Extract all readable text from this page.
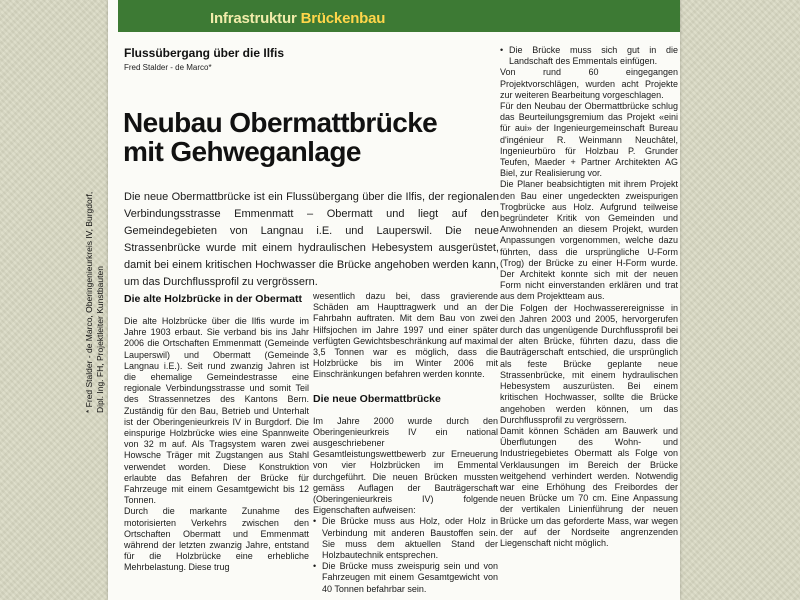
Infrastruktur Brückenbau
Flussübergang über die Ilfis
Fred Stalder - de Marco*
Neubau Obermattbrücke
mit Gehweganlage
Die neue Obermattbrücke ist ein Flussübergang über die Ilfis, der regionalen Verbindungsstrasse Emmenmatt – Obermatt und liegt auf den Gemeindegebieten von Langnau i.E. und Lauperswil. Die neue Strassenbrücke wurde mit einem hydraulischen Hebesystem ausgerüstet, damit bei einem kritischen Hochwasser die Brücke angehoben werden kann, um das Durchflussprofil zu vergrössern.
* Fred Stalder - de Marco, Oberingenieurkreis IV, Burgdorf, Dipl. Ing. FH, Projektleiter Kunstbauten Die alte Holzbrücke in der Obermatt

Die alte Holzbrücke über die Ilfis wurde im Jahre 1903 erbaut. Sie verband bis ins Jahr 2006 die Ortschaften Emmenmatt (Gemeinde Lauperswil) und Obermatt (Gemeinde Langnau i.E.). Seit rund zwanzig Jahren ist die ehemalige Gemeindestrasse eine regionale Verbindungsstrasse und somit Teil des Strassennetzes des Kantons Bern. Zuständig für den Bau, Betrieb und Unterhalt ist der Oberingenieurkreis IV in Burgdorf. Die einspurige Holzbrücke wies eine Spannweite von 32 m auf. Als Tragsystem waren zwei Howsche Träger mit Zugstangen aus Stahl verwendet worden. Diese Konstruktion erlaubte das Befahren der Brücke für Fahrzeuge mit einem Gesamtgewicht bis 12 Tonnen.

Durch die markante Zunahme des motorisierten Verkehrs zwischen den Ortschaften Obermatt und Emmenmatt während der letzten zwanzig Jahre, entstand für die Holzbrücke eine erhebliche Mehrbelastung. Diese trug

wesentlich dazu bei, dass gravierende Schäden am Haupttragwerk und an der Fahrbahn auftraten. Mit dem Bau von zwei Hilfsjochen im Jahre 1997 und einer später verfügten Gewichtsbeschränkung auf maximal 3,5 Tonnen war es möglich, dass die Holzbrücke bis im Winter 2006 mit Einschränkungen befahren werden konnte.

Die neue Obermattbrücke

Im Jahre 2000 wurde durch den Oberingenieurkreis IV ein national ausgeschriebener Gesamtleistungswettbewerb zur Erneuerung von vier Holzbrücken im Emmental durchgeführt. Die neuen Brücken mussten gemäss Auflagen der Bauträgerschaft (Oberingenieurkreis IV) folgende Eigenschaften aufweisen:

• Die Brücke muss aus Holz, oder Holz in Verbindung mit anderen Baustoffen sein. Sie muss dem aktuellen Stand der Holzbautechnik entsprechen.
• Die Brücke muss zweispurig sein und von Fahrzeugen mit einem Gesamtgewicht von 40 Tonnen befahrbar sein.
• Die Brücke muss sich gut in die Landschaft des Emmentals einfügen.

Von rund 60 eingegangen Projektvorschlägen, wurden acht Projekte zur weiteren Bearbeitung vorgeschlagen.

Für den Neubau der Obermattbrücke schlug das Beurteilungsgremium das Projekt «eini für aui» der Ingenieurgemeinschaft Bureau d'ingénieur R. Weinmann Neuchâtel, Ingenieurbüro für Holzbau P. Grunder Teufen, Maeder + Partner Architekten AG Biel, zur Realisierung vor.

Die Planer beabsichtigten mit ihrem Projekt den Bau einer ungedeckten zweispurigen Trogbrücke aus Holz. Aufgrund teilweise begründeter Kritik von Gemeinden und Anwohnenden an diesem Projekt, wurden Anpassungen vorgenommen, welche dazu führten, dass die ursprüngliche U-Form (Trog) der Brücke zu einer H-Form wurde. Der Architekt konnte sich mit der neuen Form nicht einverstanden erklären und trat aus dem Projektteam aus.

Die Folgen der Hochwasserereignisse in den Jahren 2003 und 2005, hervorgerufen durch das ungenügende Durchflussprofil bei der alten Brücke, führten dazu, dass die Bauträgerschaft entschied, die ursprünglich als feste Brücke geplante neue Strassenbrücke, mit einem hydraulischen Hebesystem auszurüsten. Bei einem kritischen Hochwasser, sollte die Brücke angehoben werden können, um das Durchflussprofil zu vergrössern.

Damit können Schäden am Bauwerk und Überflutungen des Wohn- und Industriegebietes Obermatt als Folge von Verklausungen im Bereich der Brücke weitgehend verhindert werden. Notwendig war eine Erhöhung des Freibordes der neuen Brücke um 70 cm. Eine Anpassung der vertikalen Linienführung der neuen Brücke um das geforderte Mass, war wegen der auf der Nordseite angrenzenden Liegenschaft nicht möglich.
